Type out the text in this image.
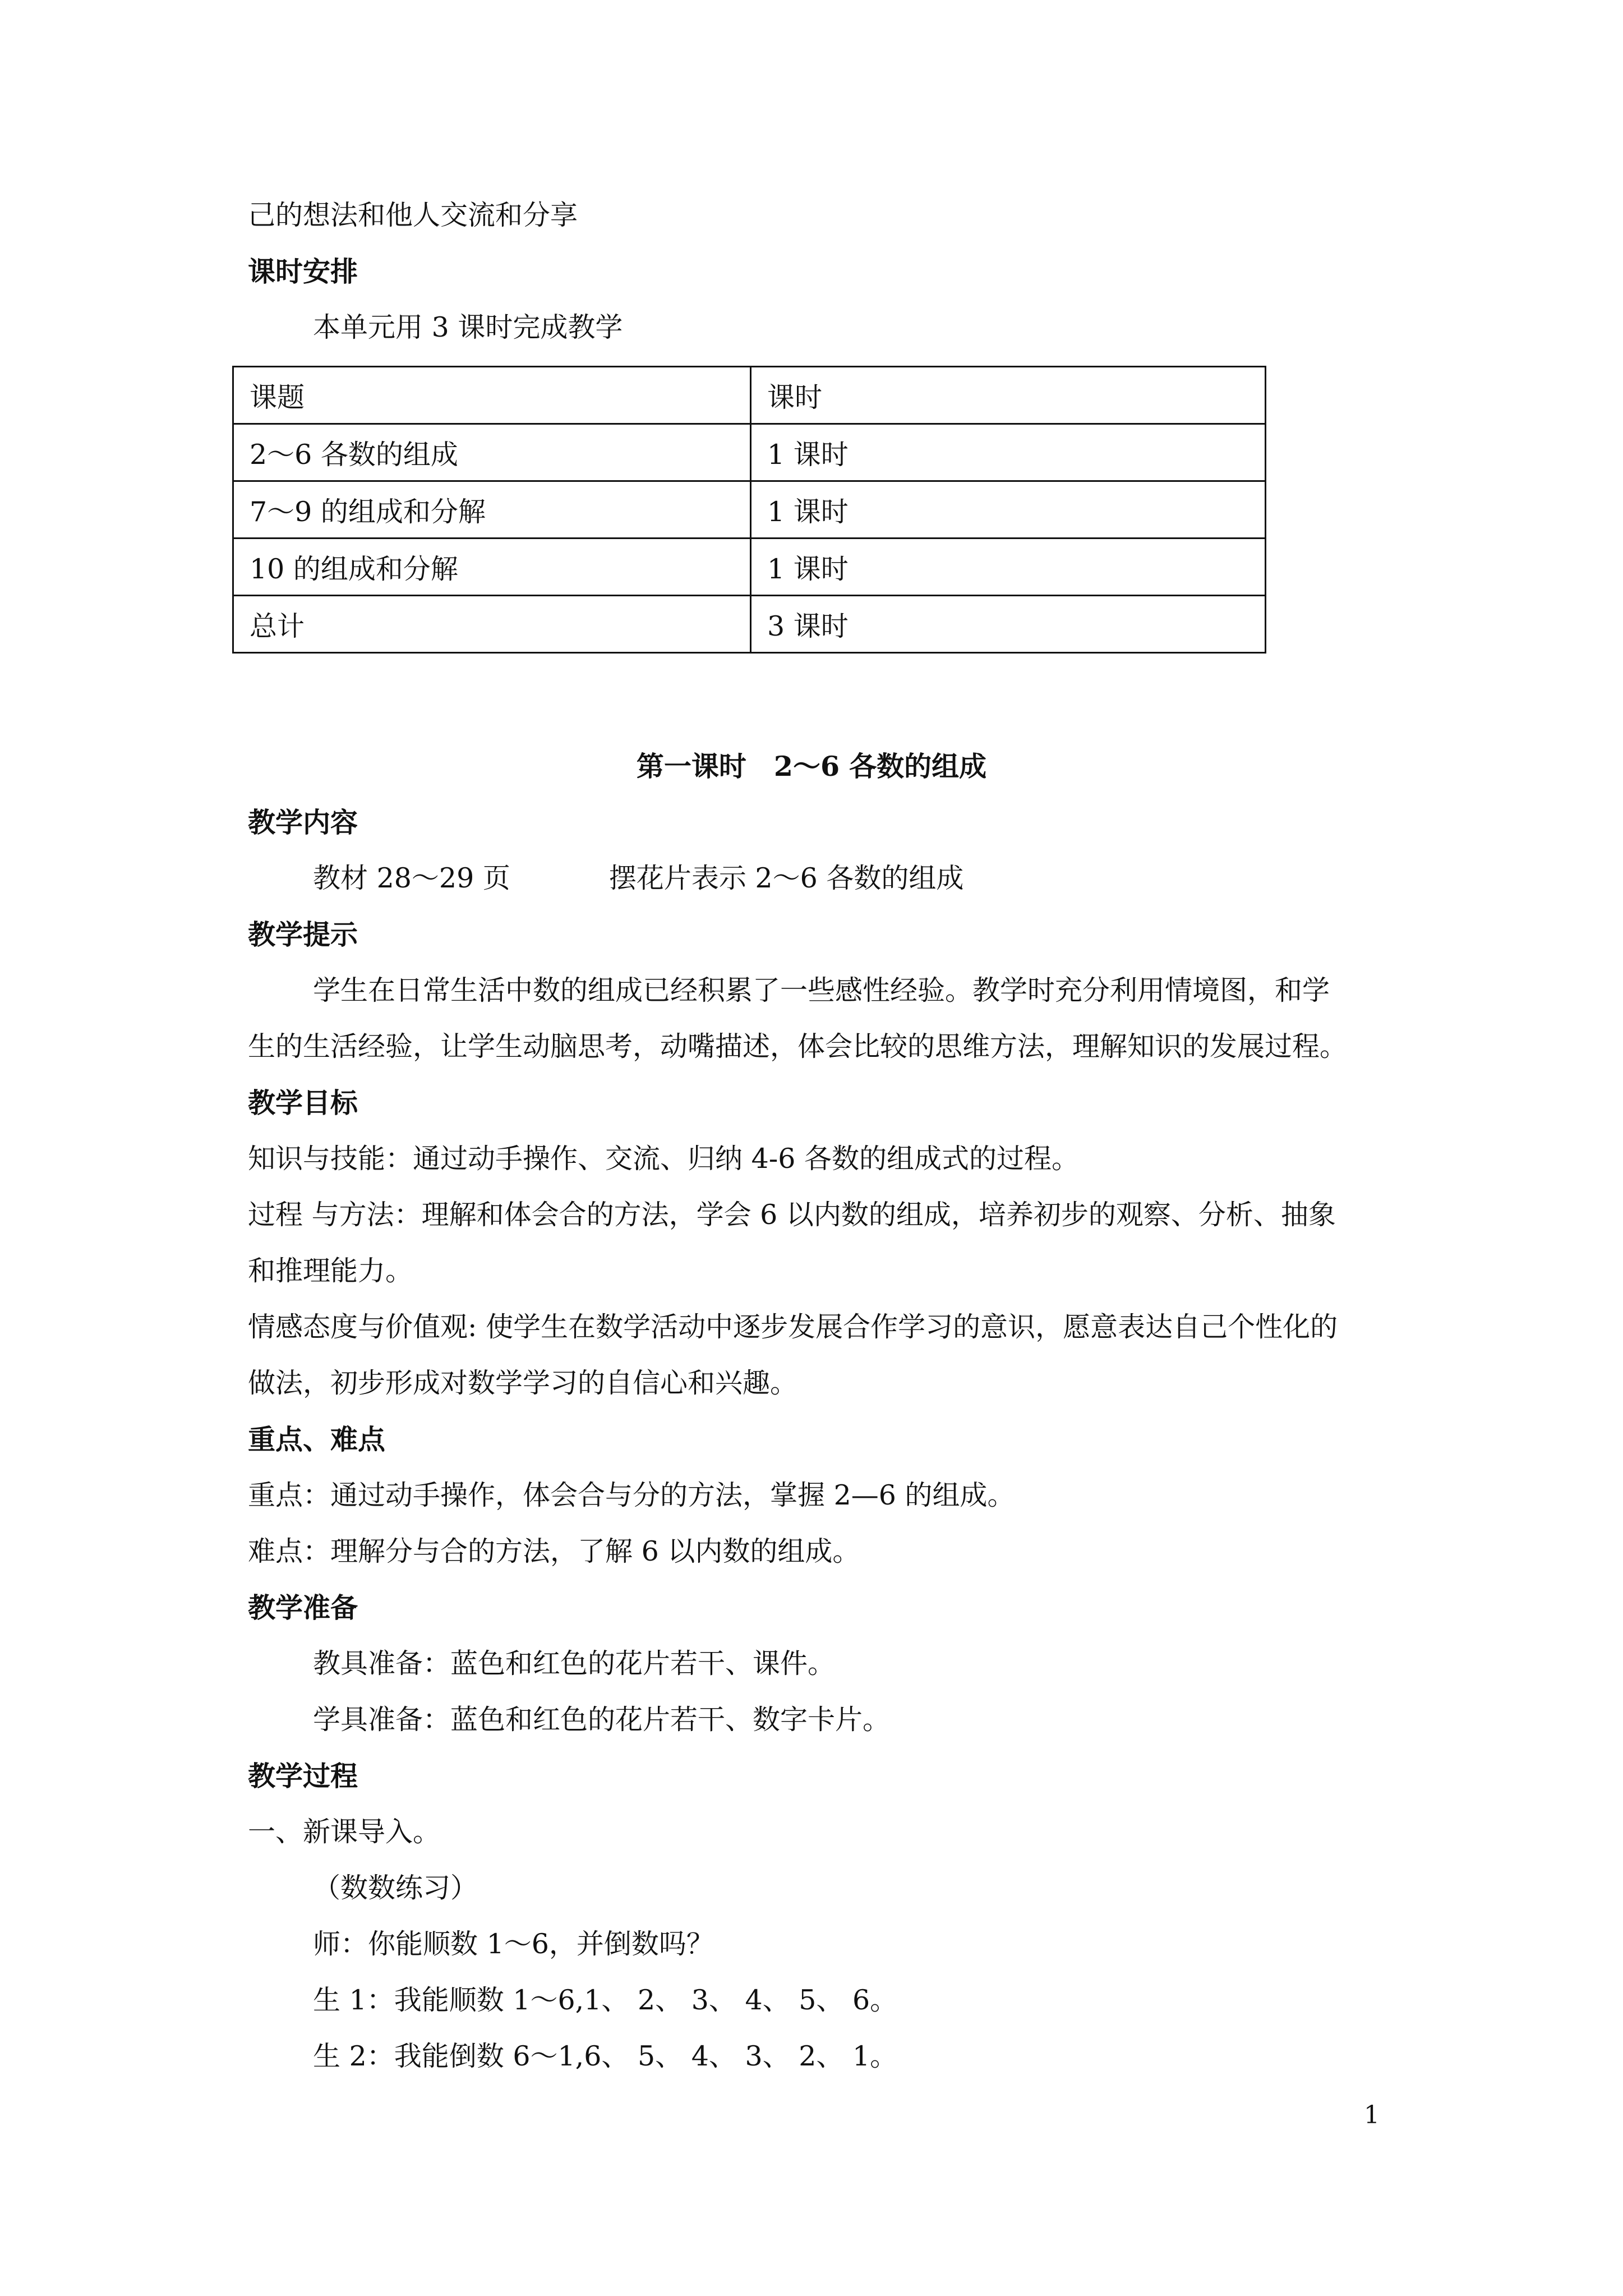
己的想法和他人交流和分享
课时安排
本单元用 3 课时完成教学
课题	课时
2～6 各数的组成	1 课时
7～9 的组成和分解	1 课时
10 的组成和分解	1 课时
总计	3 课时
第一课时　2～6 各数的组成
教学内容
教材 28～29 页	摆花片表示 2～6 各数的组成
教学提示
学生在日常生活中数的组成已经积累了一些感性经验。教学时充分利用情境图，和学
生的生活经验，让学生动脑思考，动嘴描述，体会比较的思维方法，理解知识的发展过程。
教学目标
知识与技能：通过动手操作、交流、归纳 4-6 各数的组成式的过程。
过程 与方法：理解和体会合的方法，学会 6 以内数的组成，培养初步的观察、分析、抽象
和推理能力。
情感态度与价值观: 使学生在数学活动中逐步发展合作学习的意识，愿意表达自己个性化的
做法，初步形成对数学学习的自信心和兴趣。
重点、难点
重点：通过动手操作，体会合与分的方法，掌握 2—6 的组成。
难点：理解分与合的方法，了解 6 以内数的组成。
教学准备
教具准备：蓝色和红色的花片若干、课件。
学具准备：蓝色和红色的花片若干、数字卡片。
教学过程
一、新课导入。
（数数练习）
师：你能顺数 1～6，并倒数吗？
生 1：我能顺数 1～6,1、 2、 3、 4、 5、 6。
生 2：我能倒数 6～1,6、 5、 4、 3、 2、 1。
1
